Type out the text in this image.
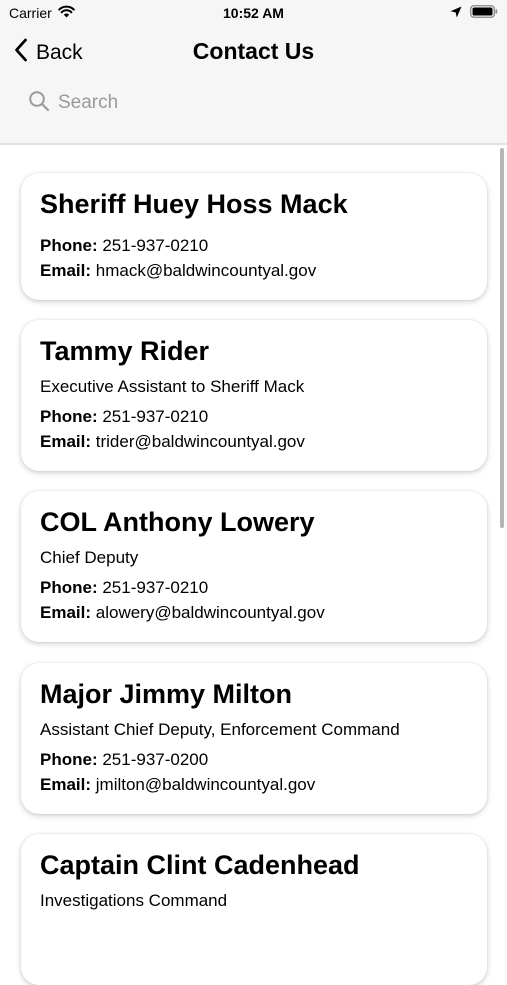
Carrier	10:52 AM
Back	Contact Us
Search
Sheriff Huey Hoss Mack
Phone: 251-937-0210
Email: hmack@baldwincountyal.gov
Tammy Rider
Executive Assistant to Sheriff Mack
Phone: 251-937-0210
Email: trider@baldwincountyal.gov
COL Anthony Lowery
Chief Deputy
Phone: 251-937-0210
Email: alowery@baldwincountyal.gov
Major Jimmy Milton
Assistant Chief Deputy, Enforcement Command
Phone: 251-937-0200
Email: jmilton@baldwincountyal.gov
Captain Clint Cadenhead
Investigations Command
